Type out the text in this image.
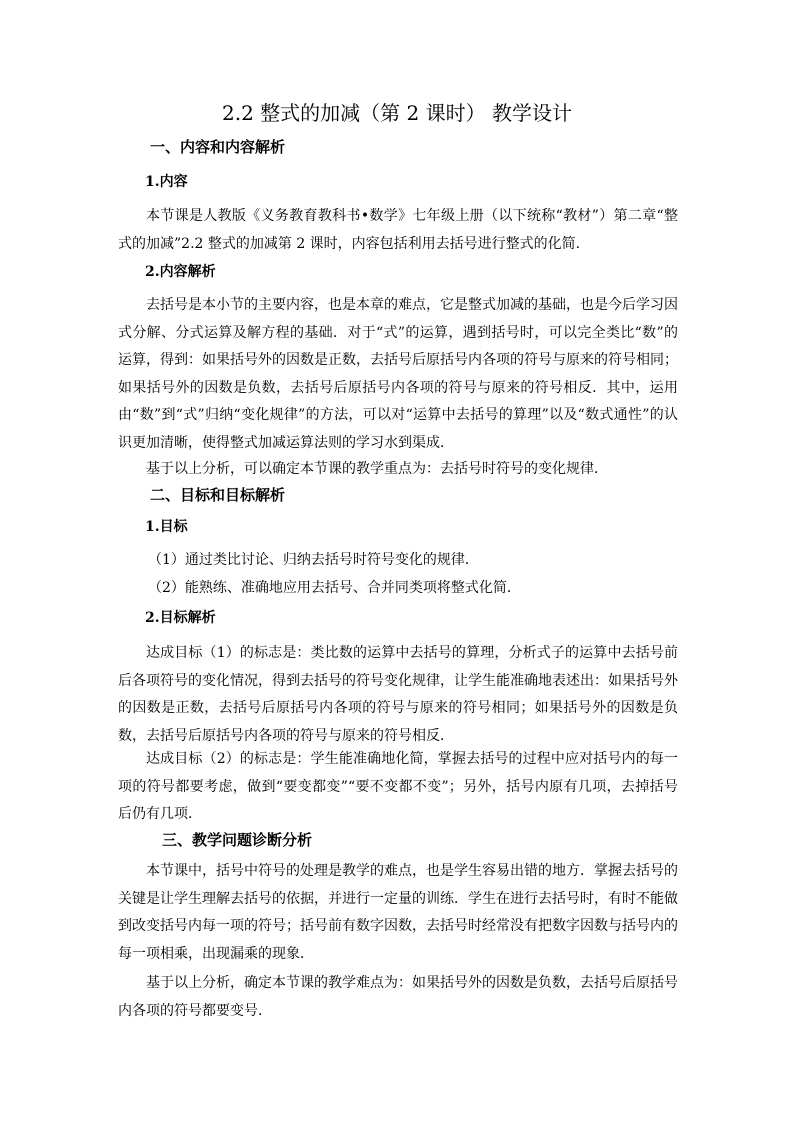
2.2 整式的加减（第 2 课时） 教学设计
一、内容和内容解析
1.内容
本节课是人教版《义务教育教科书•数学》七年级上册（以下统称“教材”）第二章“整式的加减”2.2 整式的加减第 2 课时，内容包括利用去括号进行整式的化简.
2.内容解析
去括号是本小节的主要内容，也是本章的难点，它是整式加减的基础，也是今后学习因式分解、分式运算及解方程的基础．对于“式”的运算，遇到括号时，可以完全类比“数”的运算，得到：如果括号外的因数是正数，去括号后原括号内各项的符号与原来的符号相同；如果括号外的因数是负数，去括号后原括号内各项的符号与原来的符号相反．其中，运用由“数”到“式”归纳“变化规律”的方法，可以对“运算中去括号的算理”以及“数式通性”的认识更加清晰，使得整式加减运算法则的学习水到渠成．
基于以上分析，可以确定本节课的教学重点为：去括号时符号的变化规律．
二、目标和目标解析
1.目标
（1）通过类比讨论、归纳去括号时符号变化的规律．
（2）能熟练、准确地应用去括号、合并同类项将整式化简．
2.目标解析
达成目标（1）的标志是：类比数的运算中去括号的算理，分析式子的运算中去括号前后各项符号的变化情况，得到去括号的符号变化规律，让学生能准确地表述出：如果括号外的因数是正数，去括号后原括号内各项的符号与原来的符号相同；如果括号外的因数是负数，去括号后原括号内各项的符号与原来的符号相反．
达成目标（2）的标志是：学生能准确地化简，掌握去括号的过程中应对括号内的每一项的符号都要考虑，做到“要变都变”“要不变都不变”；另外，括号内原有几项，去掉括号后仍有几项．
三、教学问题诊断分析
本节课中，括号中符号的处理是教学的难点，也是学生容易出错的地方．掌握去括号的关键是让学生理解去括号的依据，并进行一定量的训练．学生在进行去括号时，有时不能做到改变括号内每一项的符号；括号前有数字因数，去括号时经常没有把数字因数与括号内的每一项相乘，出现漏乘的现象．
基于以上分析，确定本节课的教学难点为：如果括号外的因数是负数，去括号后原括号内各项的符号都要变号.
